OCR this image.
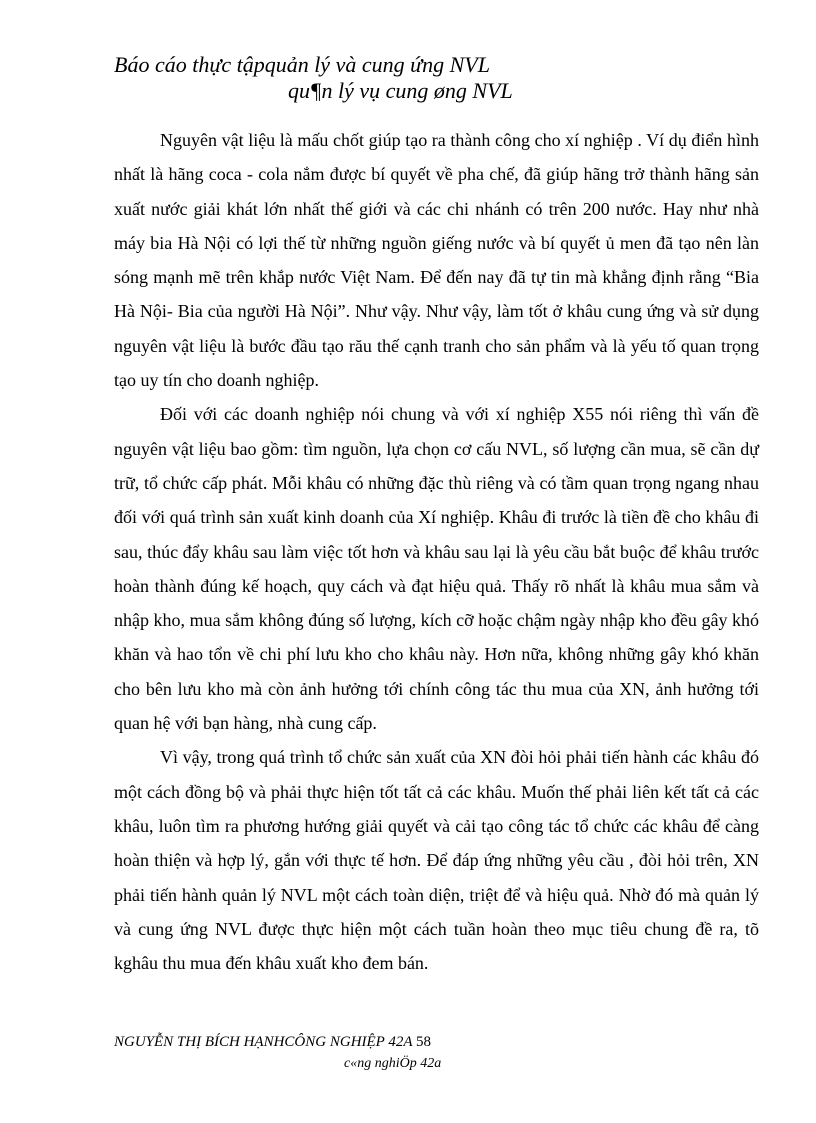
Báo cáo thực tậpquản lý và cung ứng NVL
qu¶n lý vụ cung øng NVL

Nguyên vật liệu là mấu chốt giúp tạo ra thành công cho xí nghiệp . Ví dụ điển hình nhất là hãng coca - cola nắm được bí quyết về pha chế, đã giúp hãng trở thành hãng sản xuất nước giải khát lớn nhất thế giới và các chi nhánh có trên 200 nước. Hay như nhà máy bia Hà Nội có lợi thế từ những nguồn giếng nước và bí quyết ủ men đã tạo nên làn sóng mạnh mẽ trên khắp nước Việt Nam. Để đến nay đã tự tin mà khẳng định rằng “Bia Hà Nội- Bia của người Hà Nội”. Như vậy. Như vậy, làm tốt ở khâu cung ứng và sử dụng nguyên vật liệu là bước đầu tạo rău thế cạnh tranh cho sản phẩm và là yếu tố quan trọng tạo uy tín cho doanh nghiệp.

Đối với các doanh nghiệp nói chung và với xí nghiệp X55 nói riêng thì vấn đề nguyên vật liệu bao gồm: tìm nguồn, lựa chọn cơ cấu NVL, số lượng cần mua, sẽ cần dự trữ, tổ chức cấp phát. Mỗi khâu có những đặc thù riêng và có tầm quan trọng ngang nhau đối với quá trình sản xuất kinh doanh của Xí nghiệp. Khâu đi trước là tiền đề cho khâu đi sau, thúc đẩy khâu sau làm việc tốt hơn và khâu sau lại là yêu cầu bắt buộc để khâu trước hoàn thành đúng kế hoạch, quy cách và đạt hiệu quả. Thấy rõ nhất là khâu mua sắm và nhập kho, mua sắm không đúng số lượng, kích cỡ hoặc chậm ngày nhập kho đều gây khó khăn và hao tổn về chi phí lưu kho cho khâu này. Hơn nữa, không những gây khó khăn cho bên lưu kho mà còn ảnh hưởng tới chính công tác thu mua của XN, ảnh hưởng tới quan hệ với bạn hàng, nhà cung cấp.

Vì vậy, trong quá trình tổ chức sản xuất của XN đòi hỏi phải tiến hành các khâu đó một cách đồng bộ và phải thực hiện tốt tất cả các khâu. Muốn thế phải liên kết tất cả các khâu, luôn tìm ra phương hướng giải quyết và cải tạo công tác tổ chức các khâu để càng hoàn thiện và hợp lý, gắn với thực tế hơn. Để đáp ứng những yêu cầu , đòi hỏi trên, XN phải tiến hành quản lý NVL một cách toàn diện, triệt để và hiệu quả. Nhờ đó mà quản lý và cung ứng NVL được thực hiện một cách tuần hoàn theo mục tiêu chung đề ra, tõ kghâu thu mua đến khâu xuất kho đem bán.

NGUYỄN THỊ BÍCH HẠNHCÔNG NGHIỆP 42A 58
c«ng nghiÖp 42a
